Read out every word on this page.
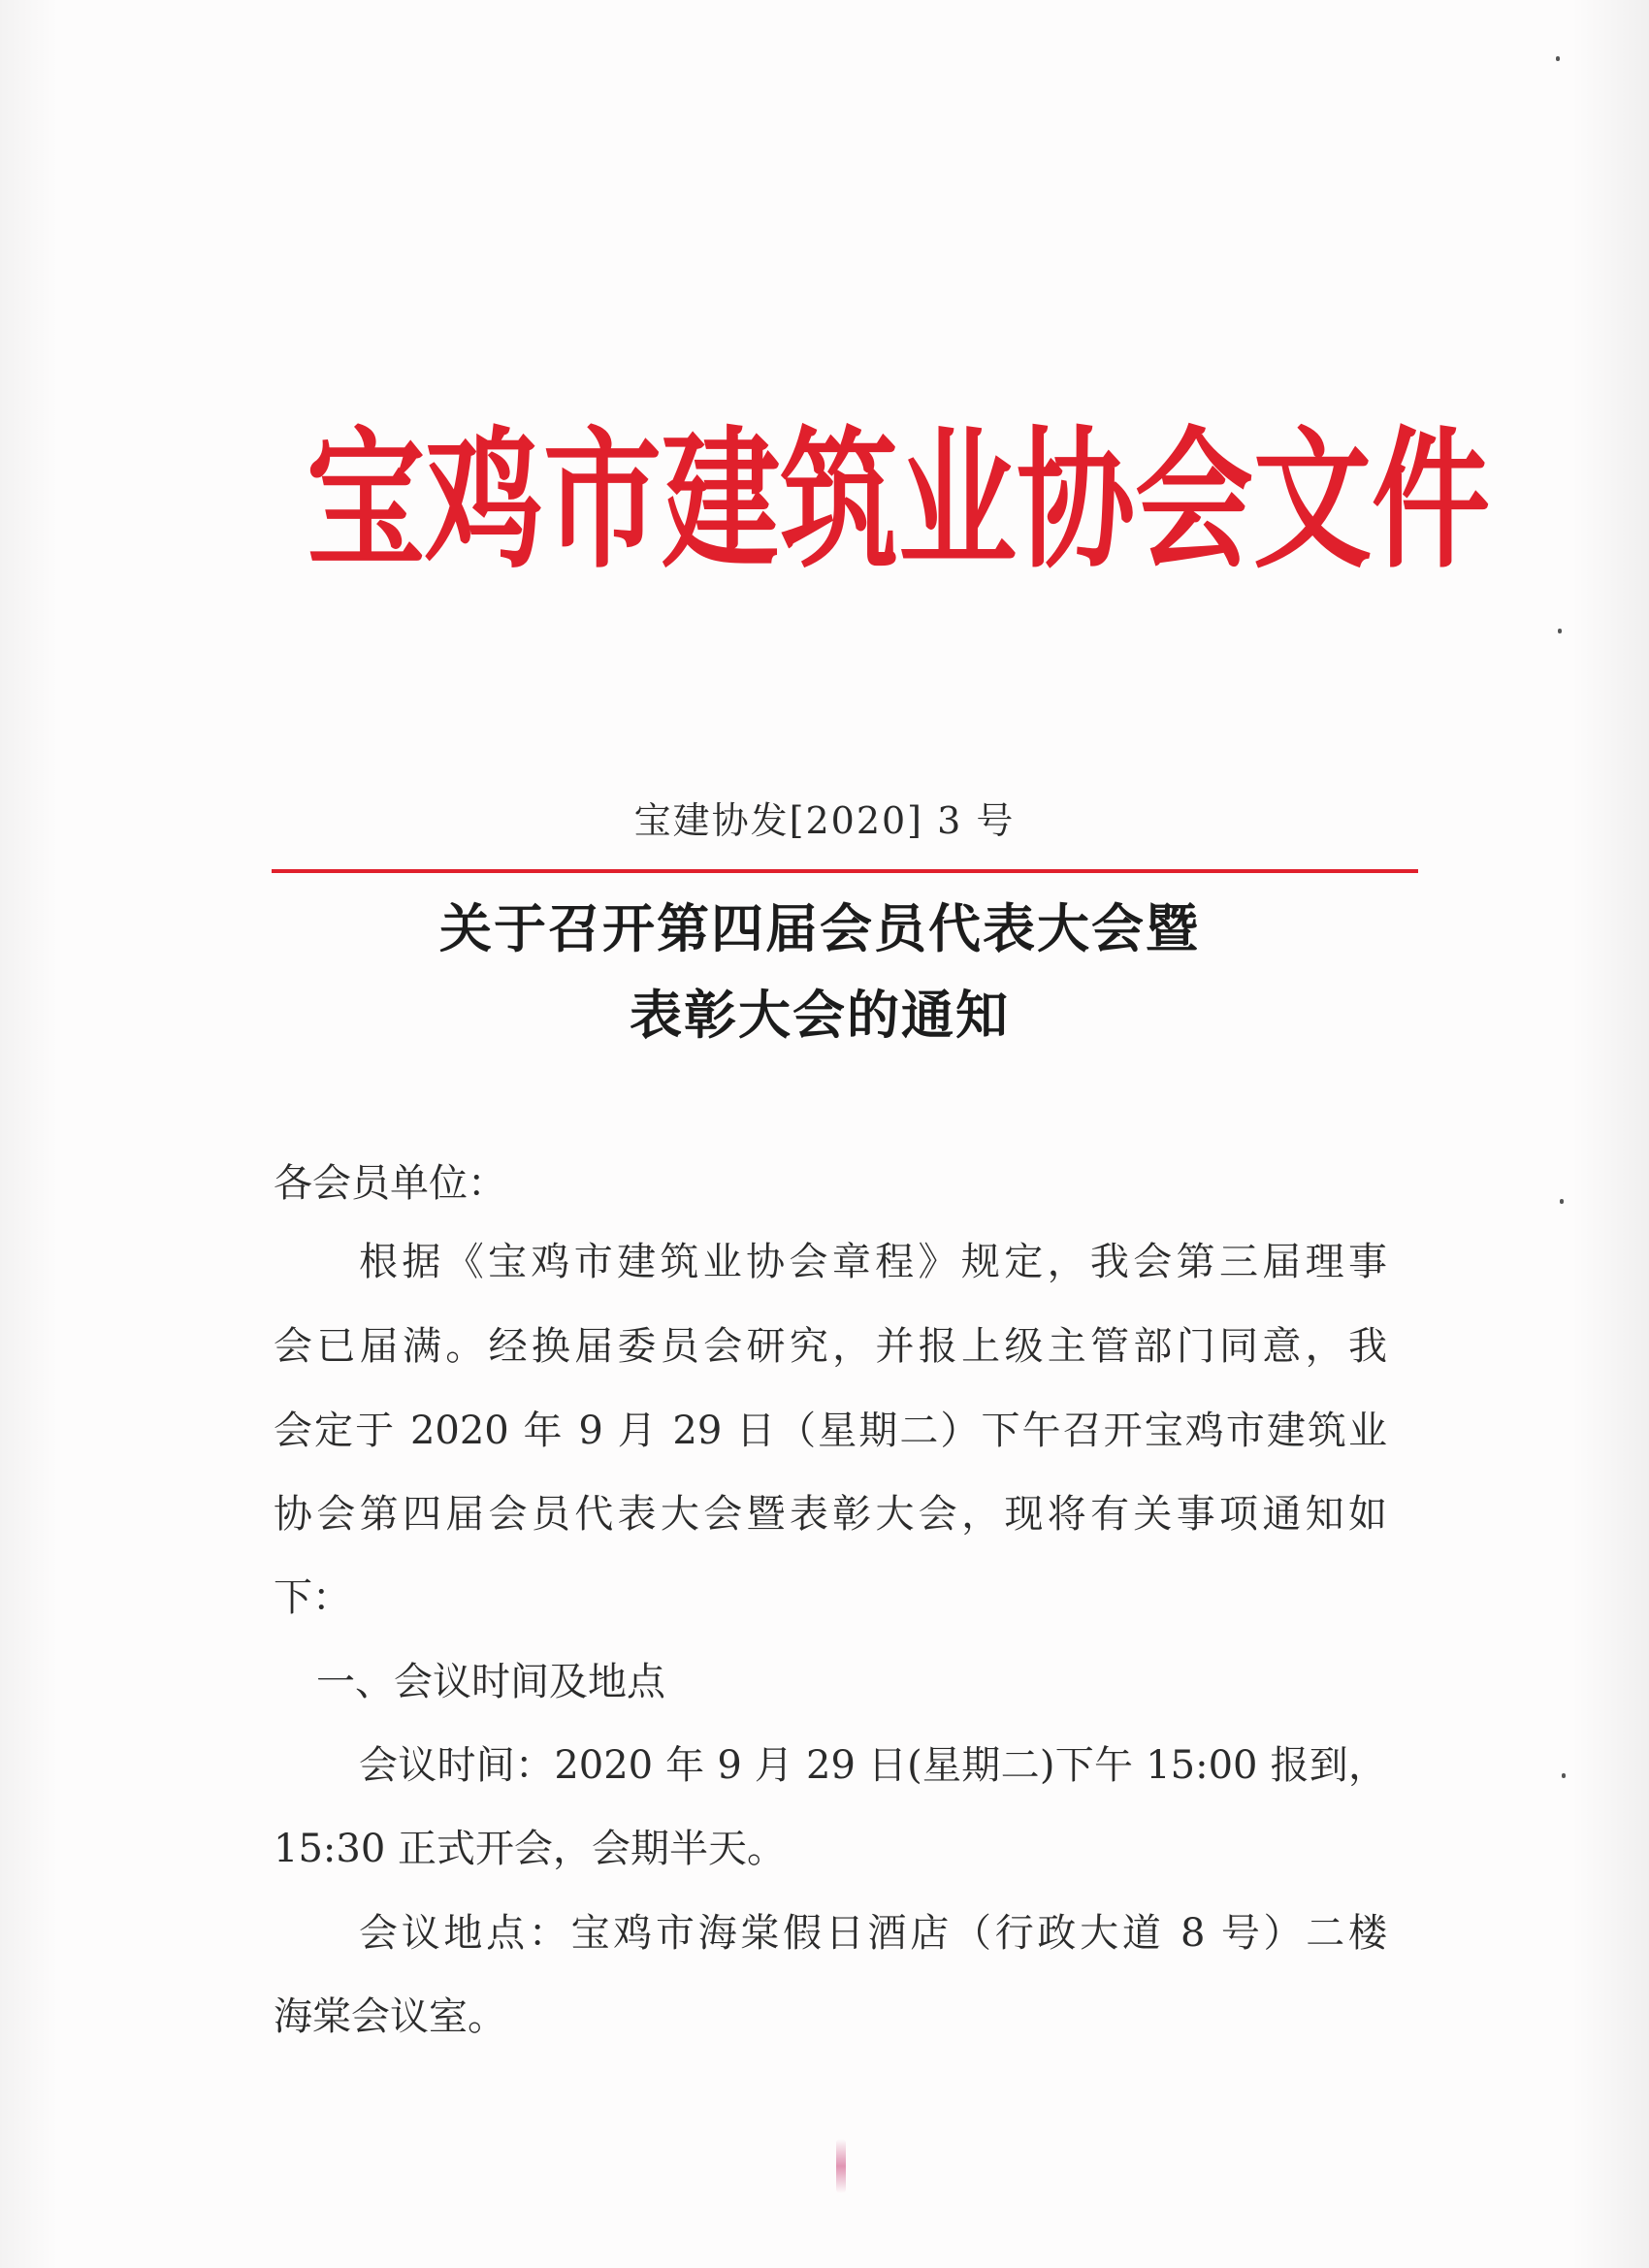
宝鸡市建筑业协会文件
宝建协发[2020] 3 号
关于召开第四届会员代表大会暨
表彰大会的通知
各会员单位：
根据《宝鸡市建筑业协会章程》规定，我会第三届理事
会已届满。经换届委员会研究，并报上级主管部门同意，我
会定于 2020 年 9 月 29 日（星期二）下午召开宝鸡市建筑业
协会第四届会员代表大会暨表彰大会，现将有关事项通知如
下：
一、会议时间及地点
会议时间：2020 年 9 月 29 日(星期二)下午 15:00 报到，
15:30 正式开会，会期半天。
会议地点：宝鸡市海棠假日酒店（行政大道 8 号）二楼
海棠会议室。
